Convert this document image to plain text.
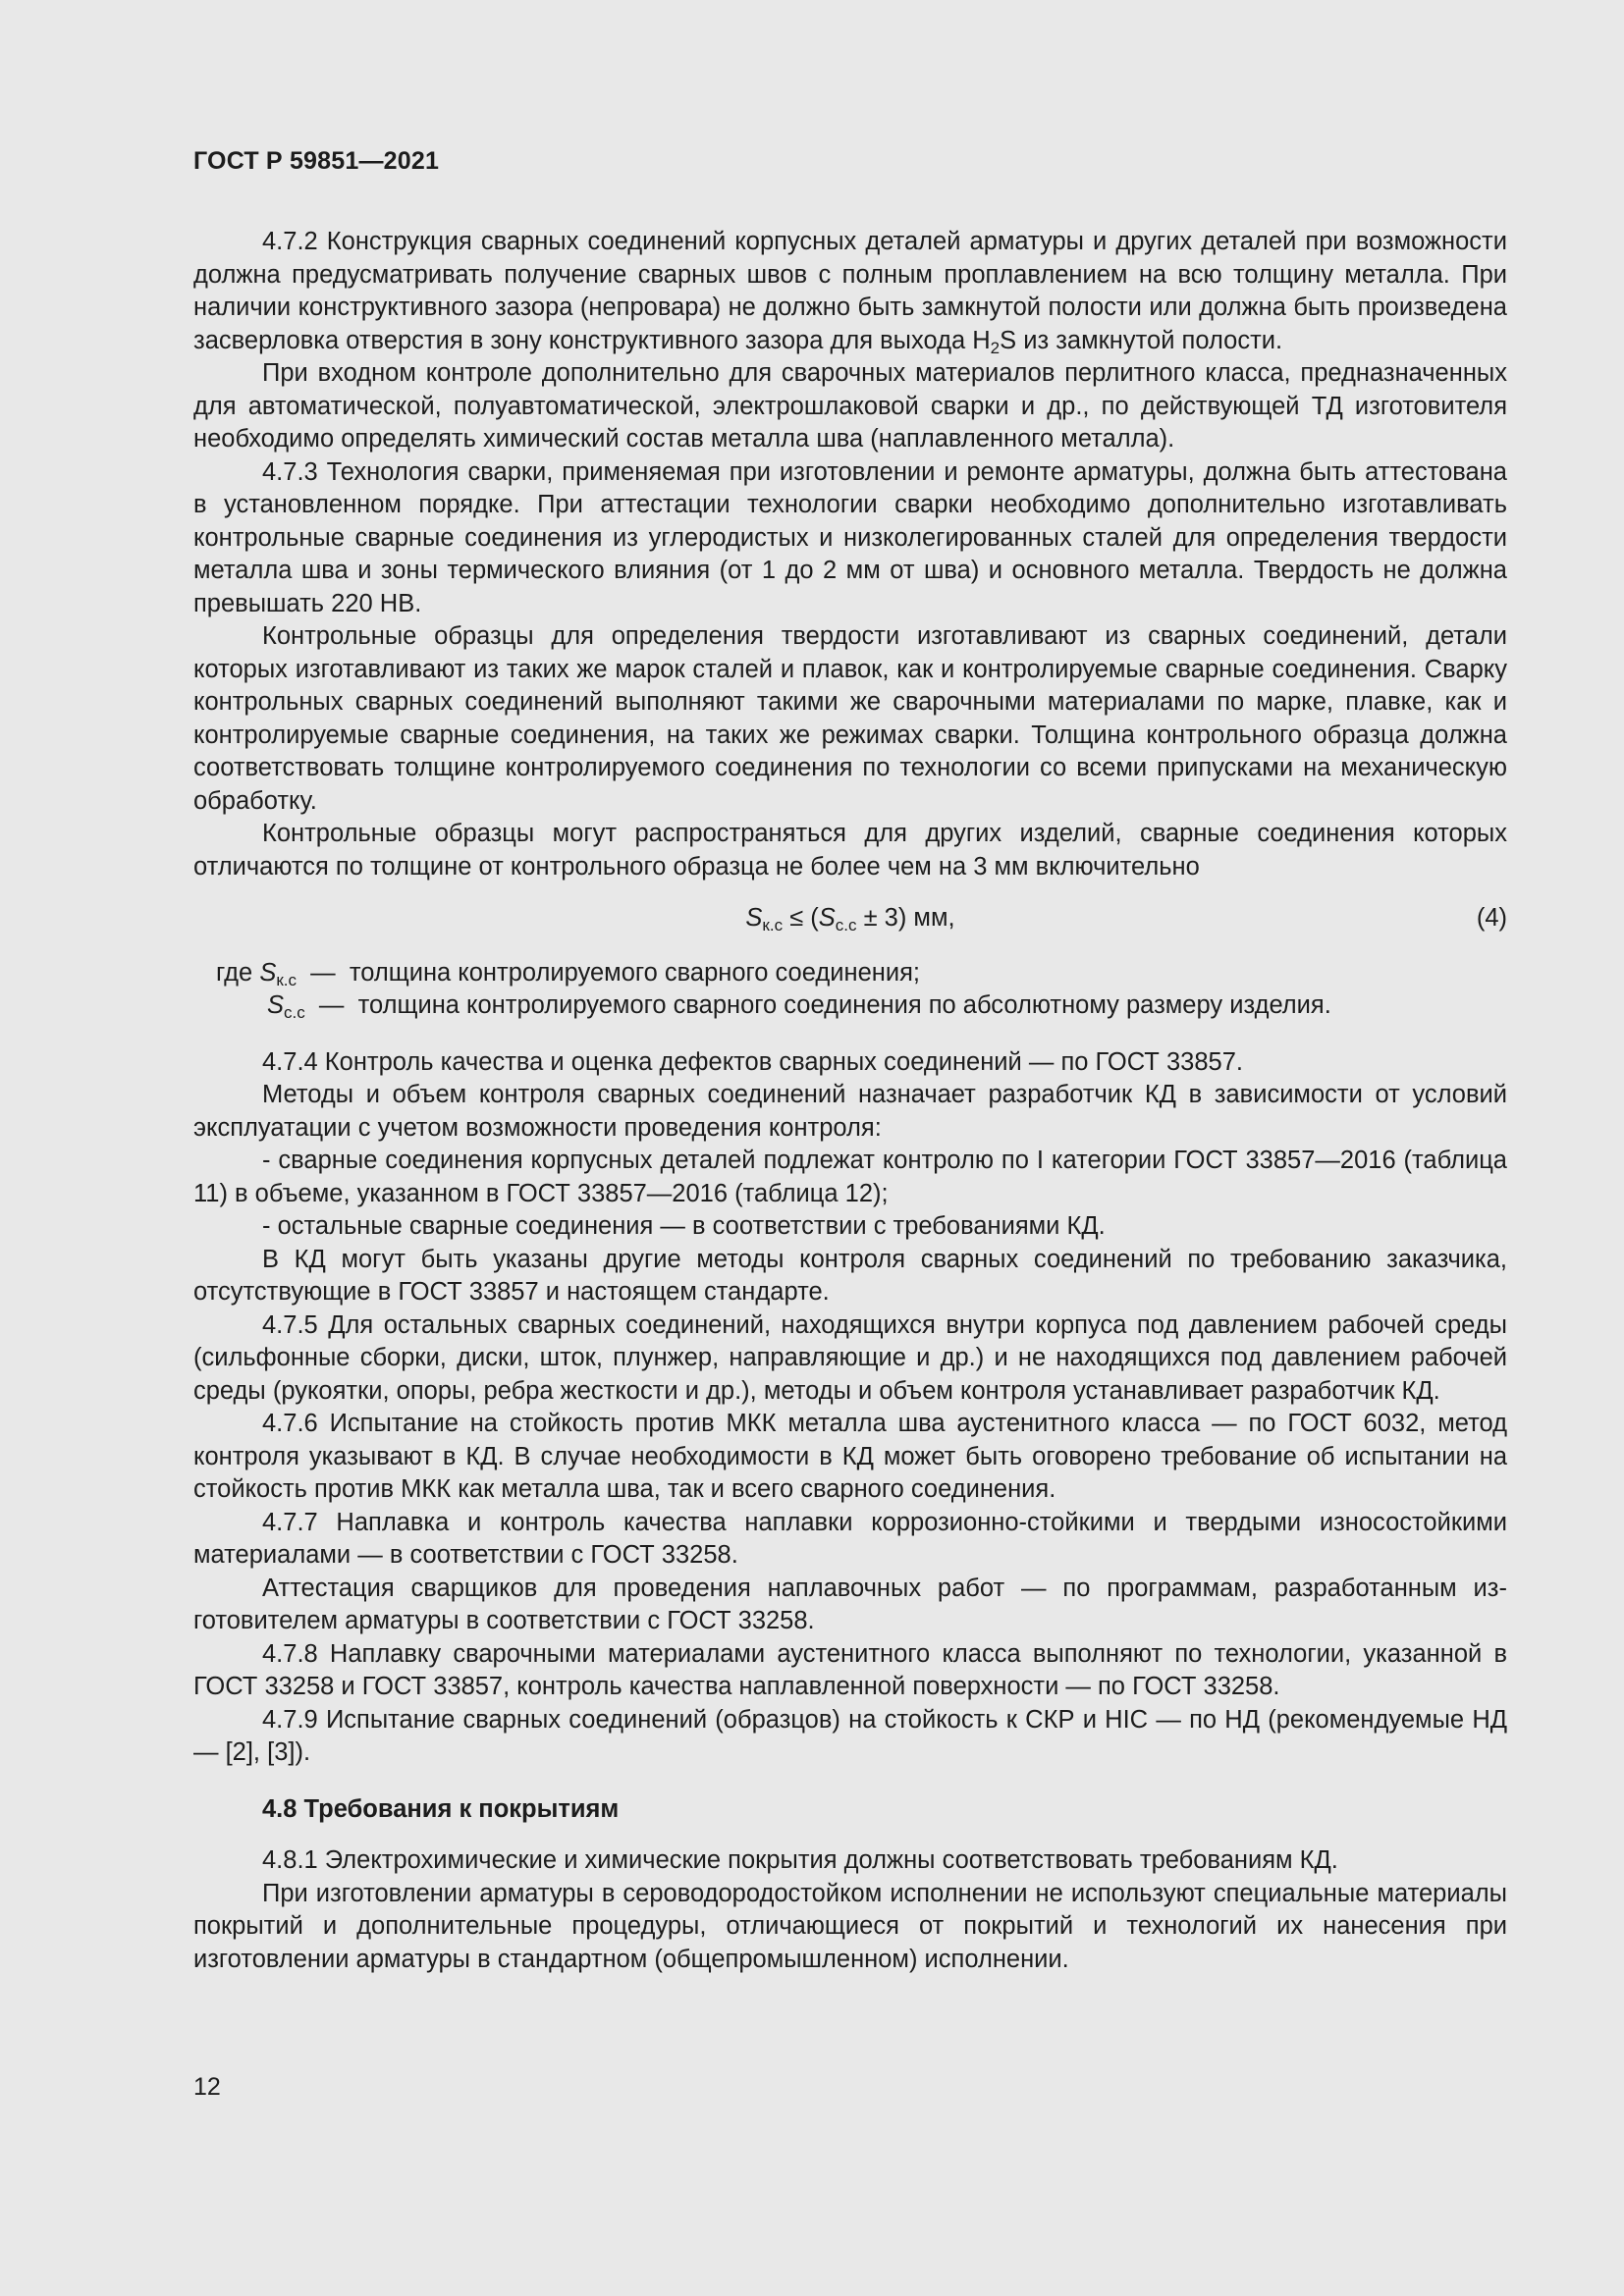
ГОСТ Р 59851—2021

4.7.2 Конструкция сварных соединений корпусных деталей арматуры и других деталей при возможности должна предусматривать получение сварных швов с полным проплавлением на всю толщину металла. При наличии конструктивного зазора (непровара) не должно быть замкнутой полости или должна быть произведена засверловка отверстия в зону конструктивного зазора для выхода $H_2S$ из замкнутой полости.

При входном контроле дополнительно для сварочных материалов перлитного класса, предназначенных для автоматической, полуавтоматической, электрошлаковой сварки и др., по действующей ТД изготовителя необходимо определять химический состав металла шва (наплавленного металла).

4.7.3 Технология сварки, применяемая при изготовлении и ремонте арматуры, должна быть аттестована в установленном порядке. При аттестации технологии сварки необходимо дополнительно изготавливать контрольные сварные соединения из углеродистых и низколегированных сталей для определения твердости металла шва и зоны термического влияния (от 1 до 2 мм от шва) и основного металла. Твердость не должна превышать 220 НВ.

Контрольные образцы для определения твердости изготавливают из сварных соединений, детали которых изготавливают из таких же марок сталей и плавок, как и контролируемые сварные соединения. Сварку контрольных сварных соединений выполняют такими же сварочными материалами по марке, плавке, как и контролируемые сварные соединения, на таких же режимах сварки. Толщина контрольного образца должна соответствовать толщине контролируемого соединения по технологии со всеми припусками на механическую обработку.

Контрольные образцы могут распространяться для других изделий, сварные соединения которых отличаются по толщине от контрольного образца не более чем на 3 мм включительно

$S_{к.с} \le (S_{с.с} \pm 3)$ мм,	(4)

где $S_{к.с}$  —  толщина контролируемого сварного соединения;

$S_{с.с}$  —  толщина контролируемого сварного соединения по абсолютному размеру изделия.

4.7.4 Контроль качества и оценка дефектов сварных соединений — по ГОСТ 33857.

Методы и объем контроля сварных соединений назначает разработчик КД в зависимости от условий эксплуатации с учетом возможности проведения контроля:

- сварные соединения корпусных деталей подлежат контролю по I категории ГОСТ 33857—2016 (таблица 11) в объеме, указанном в ГОСТ 33857—2016 (таблица 12);

- остальные сварные соединения — в соответствии с требованиями КД.

В КД могут быть указаны другие методы контроля сварных соединений по требованию заказчика, отсутствующие в ГОСТ 33857 и настоящем стандарте.

4.7.5 Для остальных сварных соединений, находящихся внутри корпуса под давлением рабочей среды (сильфонные сборки, диски, шток, плунжер, направляющие и др.) и не находящихся под давлением рабочей среды (рукоятки, опоры, ребра жесткости и др.), методы и объем контроля устанавливает разработчик КД.

4.7.6 Испытание на стойкость против МКК металла шва аустенитного класса — по ГОСТ 6032, метод контроля указывают в КД. В случае необходимости в КД может быть оговорено требование об испытании на стойкость против МКК как металла шва, так и всего сварного соединения.

4.7.7 Наплавка и контроль качества наплавки коррозионно-стойкими и твердыми износостойкими материалами — в соответствии с ГОСТ 33258.

Аттестация сварщиков для проведения наплавочных работ — по программам, разработанным изготовителем арматуры в соответствии с ГОСТ 33258.

4.7.8 Наплавку сварочными материалами аустенитного класса выполняют по технологии, указанной в ГОСТ 33258 и ГОСТ 33857, контроль качества наплавленной поверхности — по ГОСТ 33258.

4.7.9 Испытание сварных соединений (образцов) на стойкость к СКР и HIC — по НД (рекомендуемые НД — [2], [3]).

4.8 Требования к покрытиям

4.8.1 Электрохимические и химические покрытия должны соответствовать требованиям КД.

При изготовлении арматуры в сероводородостойком исполнении не используют специальные материалы покрытий и дополнительные процедуры, отличающиеся от покрытий и технологий их нанесения при изготовлении арматуры в стандартном (общепромышленном) исполнении.

12
